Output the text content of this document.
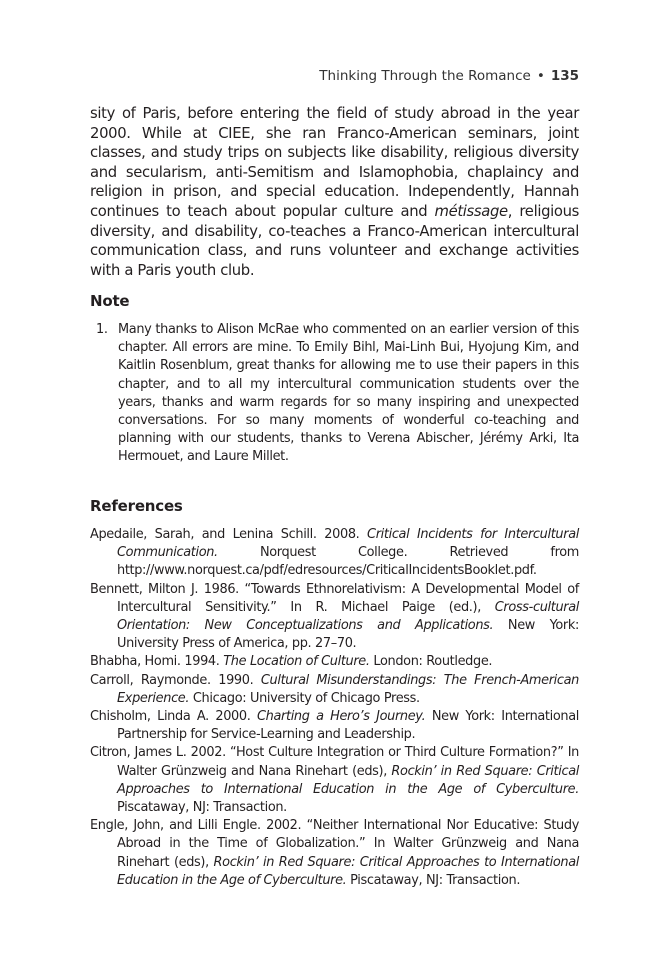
Thinking Through the Romance • 135
sity of Paris, before entering the field of study abroad in the year 2000. While at CIEE, she ran Franco-American seminars, joint classes, and study trips on subjects like disability, religious diversity and secularism, anti-Semitism and Islamophobia, chaplaincy and religion in prison, and special education. Independently, Hannah continues to teach about popular culture and métissage, religious diversity, and disability, co-teaches a Franco-American intercultural communication class, and runs volunteer and exchange activities with a Paris youth club.
Note
1. Many thanks to Alison McRae who commented on an earlier version of this chapter. All errors are mine. To Emily Bihl, Mai-Linh Bui, Hyojung Kim, and Kaitlin Rosenblum, great thanks for allowing me to use their papers in this chapter, and to all my intercultural communication students over the years, thanks and warm regards for so many inspiring and unexpected conversations. For so many moments of wonderful co-teaching and planning with our students, thanks to Verena Abischer, Jérémy Arki, Ita Hermouet, and Laure Millet.
References

Apedaile, Sarah, and Lenina Schill. 2008. Critical Incidents for Intercultural Communication. Norquest College. Retrieved from http://www.norquest.ca/pdf/edresources/CriticalIncidentsBooklet.pdf.

Bennett, Milton J. 1986. “Towards Ethnorelativism: A Developmental Model of Intercultural Sensitivity.” In R. Michael Paige (ed.), Cross-cultural Orientation: New Conceptualizations and Applications. New York: University Press of America, pp. 27–70.

Bhabha, Homi. 1994. The Location of Culture. London: Routledge.

Carroll, Raymonde. 1990. Cultural Misunderstandings: The French-American Experience. Chicago: University of Chicago Press.

Chisholm, Linda A. 2000. Charting a Hero’s Journey. New York: International Partnership for Service-Learning and Leadership.

Citron, James L. 2002. “Host Culture Integration or Third Culture Formation?” In Walter Grünzweig and Nana Rinehart (eds), Rockin’ in Red Square: Critical Approaches to International Education in the Age of Cyberculture. Piscataway, NJ: Transaction.

Engle, John, and Lilli Engle. 2002. “Neither International Nor Educative: Study Abroad in the Time of Globalization.” In Walter Grünzweig and Nana Rinehart (eds), Rockin’ in Red Square: Critical Approaches to International Education in the Age of Cyberculture. Piscataway, NJ: Transaction.
